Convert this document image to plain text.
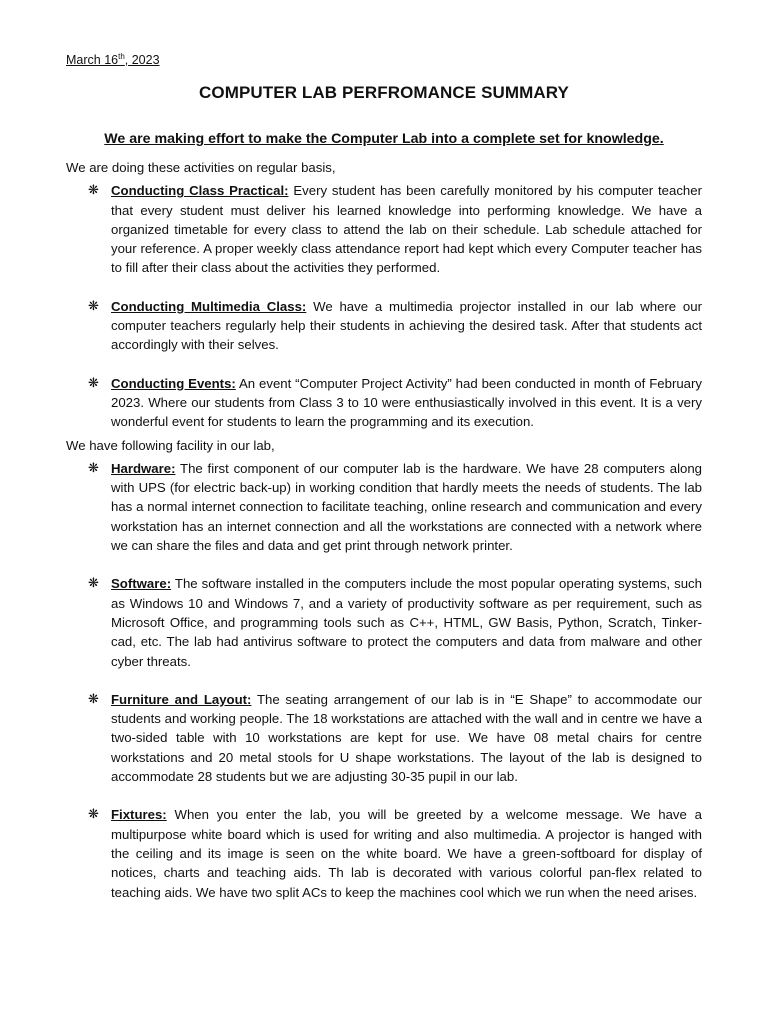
March 16th, 2023
COMPUTER LAB PERFROMANCE SUMMARY
We are making effort to make the Computer Lab into a complete set for knowledge.
We are doing these activities on regular basis,
❋ Conducting Class Practical: Every student has been carefully monitored by his computer teacher that every student must deliver his learned knowledge into performing knowledge. We have a organized timetable for every class to attend the lab on their schedule. Lab schedule attached for your reference. A proper weekly class attendance report had kept which every Computer teacher has to fill after their class about the activities they performed.
❋ Conducting Multimedia Class: We have a multimedia projector installed in our lab where our computer teachers regularly help their students in achieving the desired task. After that students act accordingly with their selves.
❋ Conducting Events: An event “Computer Project Activity” had been conducted in month of February 2023. Where our students from Class 3 to 10 were enthusiastically involved in this event. It is a very wonderful event for students to learn the programming and its execution.
We have following facility in our lab,
❋ Hardware: The first component of our computer lab is the hardware. We have 28 computers along with UPS (for electric back-up) in working condition that hardly meets the needs of students. The lab has a normal internet connection to facilitate teaching, online research and communication and every workstation has an internet connection and all the workstations are connected with a network where we can share the files and data and get print through network printer.
❋ Software: The software installed in the computers include the most popular operating systems, such as Windows 10 and Windows 7, and a variety of productivity software as per requirement, such as Microsoft Office, and programming tools such as C++, HTML, GW Basis, Python, Scratch, Tinker-cad, etc. The lab had antivirus software to protect the computers and data from malware and other cyber threats.
❋ Furniture and Layout: The seating arrangement of our lab is in “E Shape” to accommodate our students and working people. The 18 workstations are attached with the wall and in centre we have a two-sided table with 10 workstations are kept for use. We have 08 metal chairs for centre workstations and 20 metal stools for U shape workstations. The layout of the lab is designed to accommodate 28 students but we are adjusting 30-35 pupil in our lab.
❋ Fixtures: When you enter the lab, you will be greeted by a welcome message. We have a multipurpose white board which is used for writing and also multimedia. A projector is hanged with the ceiling and its image is seen on the white board. We have a green-softboard for display of notices, charts and teaching aids. Th lab is decorated with various colorful pan-flex related to teaching aids. We have two split ACs to keep the machines cool which we run when the need arises.
